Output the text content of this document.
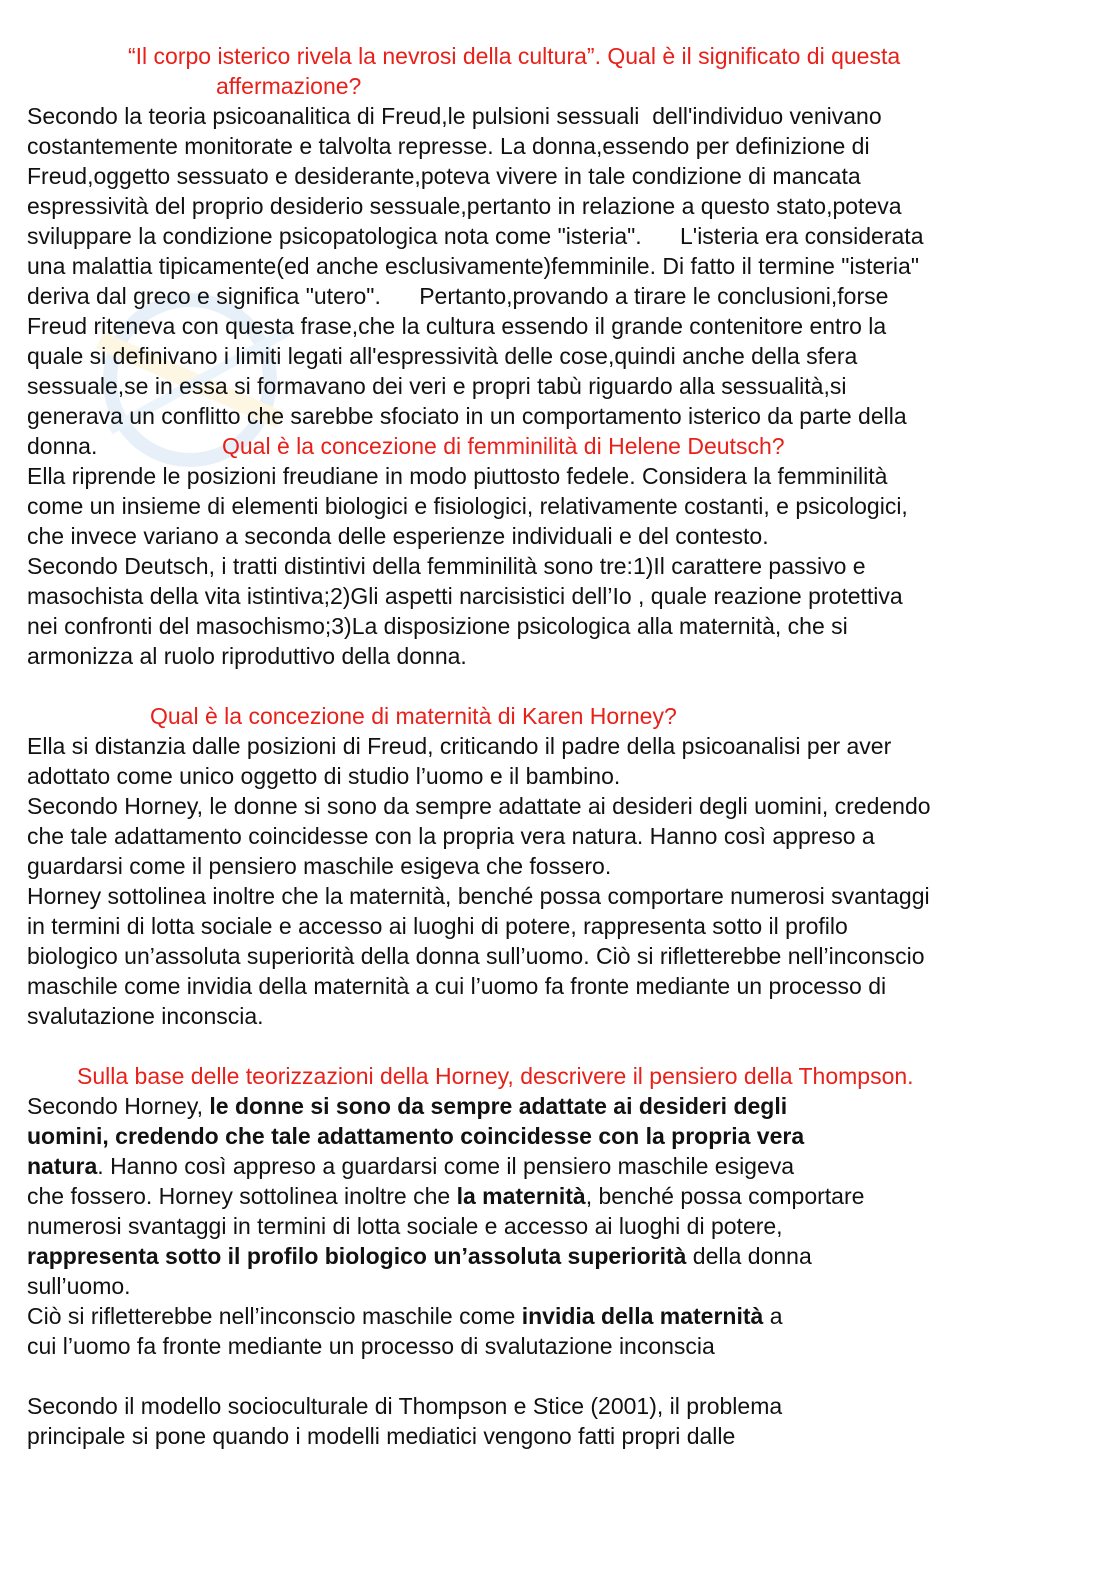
“Il corpo isterico rivela la nevrosi della cultura”. Qual è il significato di questa
affermazione?
Secondo la teoria psicoanalitica di Freud,le pulsioni sessuali  dell'individuo venivano
costantemente monitorate e talvolta represse. La donna,essendo per definizione di
Freud,oggetto sessuato e desiderante,poteva vivere in tale condizione di mancata
espressività del proprio desiderio sessuale,pertanto in relazione a questo stato,poteva
sviluppare la condizione psicopatologica nota come "isteria".      L'isteria era considerata
una malattia tipicamente(ed anche esclusivamente)femminile. Di fatto il termine "isteria"
deriva dal greco e significa "utero".      Pertanto,provando a tirare le conclusioni,forse
Freud riteneva con questa frase,che la cultura essendo il grande contenitore entro la
quale si definivano i limiti legati all'espressività delle cose,quindi anche della sfera
sessuale,se in essa si formavano dei veri e propri tabù riguardo alla sessualità,si
generava un conflitto che sarebbe sfociato in un comportamento isterico da parte della
donna.	Qual è la concezione di femminilità di Helene Deutsch?
Ella riprende le posizioni freudiane in modo piuttosto fedele. Considera la femminilità
come un insieme di elementi biologici e fisiologici, relativamente costanti, e psicologici,
che invece variano a seconda delle esperienze individuali e del contesto.
Secondo Deutsch, i tratti distintivi della femminilità sono tre:1)Il carattere passivo e
masochista della vita istintiva;2)Gli aspetti narcisistici dell’Io , quale reazione protettiva
nei confronti del masochismo;3)La disposizione psicologica alla maternità, che si
armonizza al ruolo riproduttivo della donna.
Qual è la concezione di maternità di Karen Horney?
Ella si distanzia dalle posizioni di Freud, criticando il padre della psicoanalisi per aver
adottato come unico oggetto di studio l’uomo e il bambino.
Secondo Horney, le donne si sono da sempre adattate ai desideri degli uomini, credendo
che tale adattamento coincidesse con la propria vera natura. Hanno così appreso a
guardarsi come il pensiero maschile esigeva che fossero.
Horney sottolinea inoltre che la maternità, benché possa comportare numerosi svantaggi
in termini di lotta sociale e accesso ai luoghi di potere, rappresenta sotto il profilo
biologico un’assoluta superiorità della donna sull’uomo. Ciò si rifletterebbe nell’inconscio
maschile come invidia della maternità a cui l’uomo fa fronte mediante un processo di
svalutazione inconscia.
Sulla base delle teorizzazioni della Horney, descrivere il pensiero della Thompson.
Secondo Horney, le donne si sono da sempre adattate ai desideri degli
uomini, credendo che tale adattamento coincidesse con la propria vera
natura. Hanno così appreso a guardarsi come il pensiero maschile esigeva
che fossero. Horney sottolinea inoltre che la maternità, benché possa comportare
numerosi svantaggi in termini di lotta sociale e accesso ai luoghi di potere,
rappresenta sotto il profilo biologico un’assoluta superiorità della donna
sull’uomo.
Ciò si rifletterebbe nell’inconscio maschile come invidia della maternità a
cui l’uomo fa fronte mediante un processo di svalutazione inconscia
Secondo il modello socioculturale di Thompson e Stice (2001), il problema
principale si pone quando i modelli mediatici vengono fatti propri dalle
